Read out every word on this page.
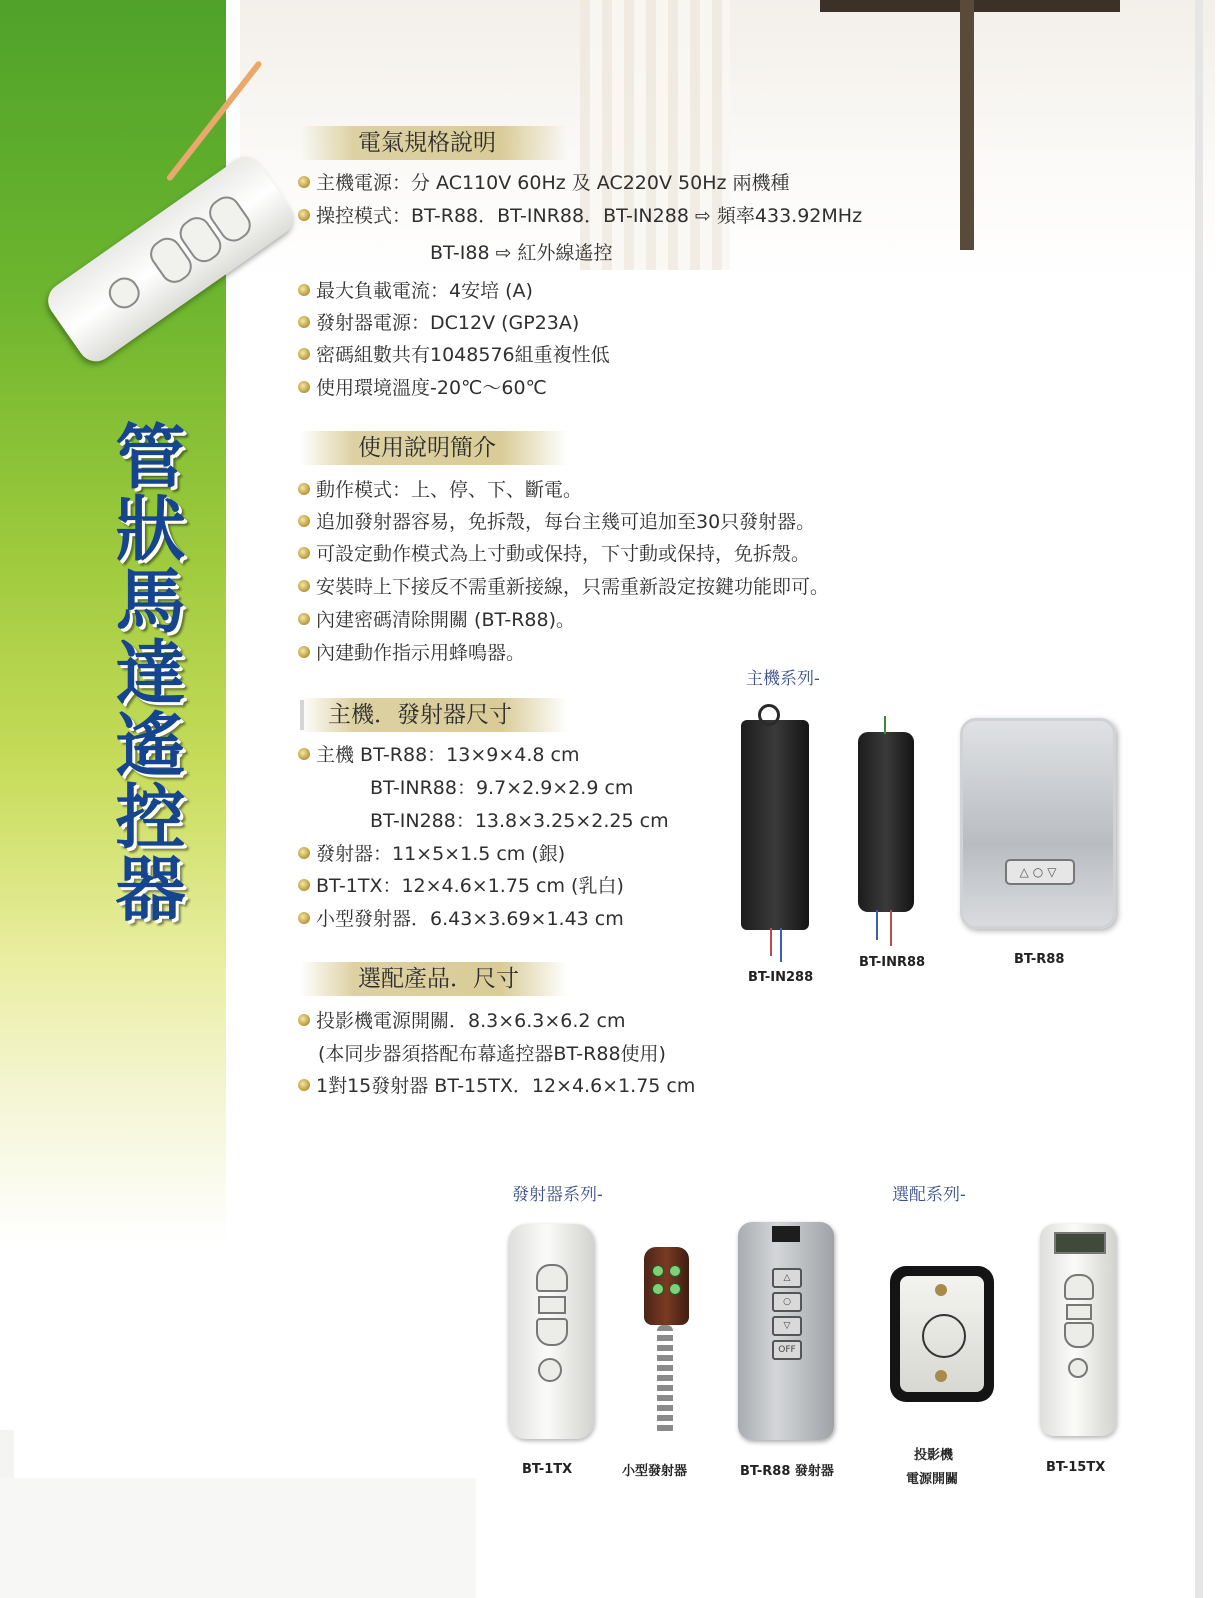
管狀馬達遙控器
電氣規格說明
主機電源：分 AC110V 60Hz 及 AC220V 50Hz 兩機種
操控模式：BT-R88．BT-INR88．BT-IN288 ⇨ 頻率433.92MHz
BT-I88 ⇨ 紅外線遙控
最大負載電流：4安培 (A)
發射器電源：DC12V (GP23A)
密碼組數共有1048576組重複性低
使用環境溫度-20℃～60℃
使用說明簡介
動作模式：上、停、下、斷電。
追加發射器容易，免拆殼，每台主幾可追加至30只發射器。
可設定動作模式為上寸動或保持，下寸動或保持，免拆殼。
安裝時上下接反不需重新接線，只需重新設定按鍵功能即可。
內建密碼清除開關 (BT-R88)。
內建動作指示用蜂鳴器。
主機．發射器尺寸
主機 BT-R88：13×9×4.8 cm
BT-INR88：9.7×2.9×2.9 cm
BT-IN288：13.8×3.25×2.25 cm
發射器：11×5×1.5 cm (銀)
BT-1TX：12×4.6×1.75 cm (乳白)
小型發射器．6.43×3.69×1.43 cm
選配產品．尺寸
投影機電源開關．8.3×6.3×6.2 cm
(本同步器須搭配布幕遙控器BT-R88使用)
1對15發射器 BT-15TX．12×4.6×1.75 cm
主機系列-
△○▽
BT-IN288
BT-INR88	BT-R88
發射器系列-	選配系列-
△
○
▽
OFF
BT-1TX	小型發射器	BT-R88 發射器
投影機
電源開關
BT-15TX
